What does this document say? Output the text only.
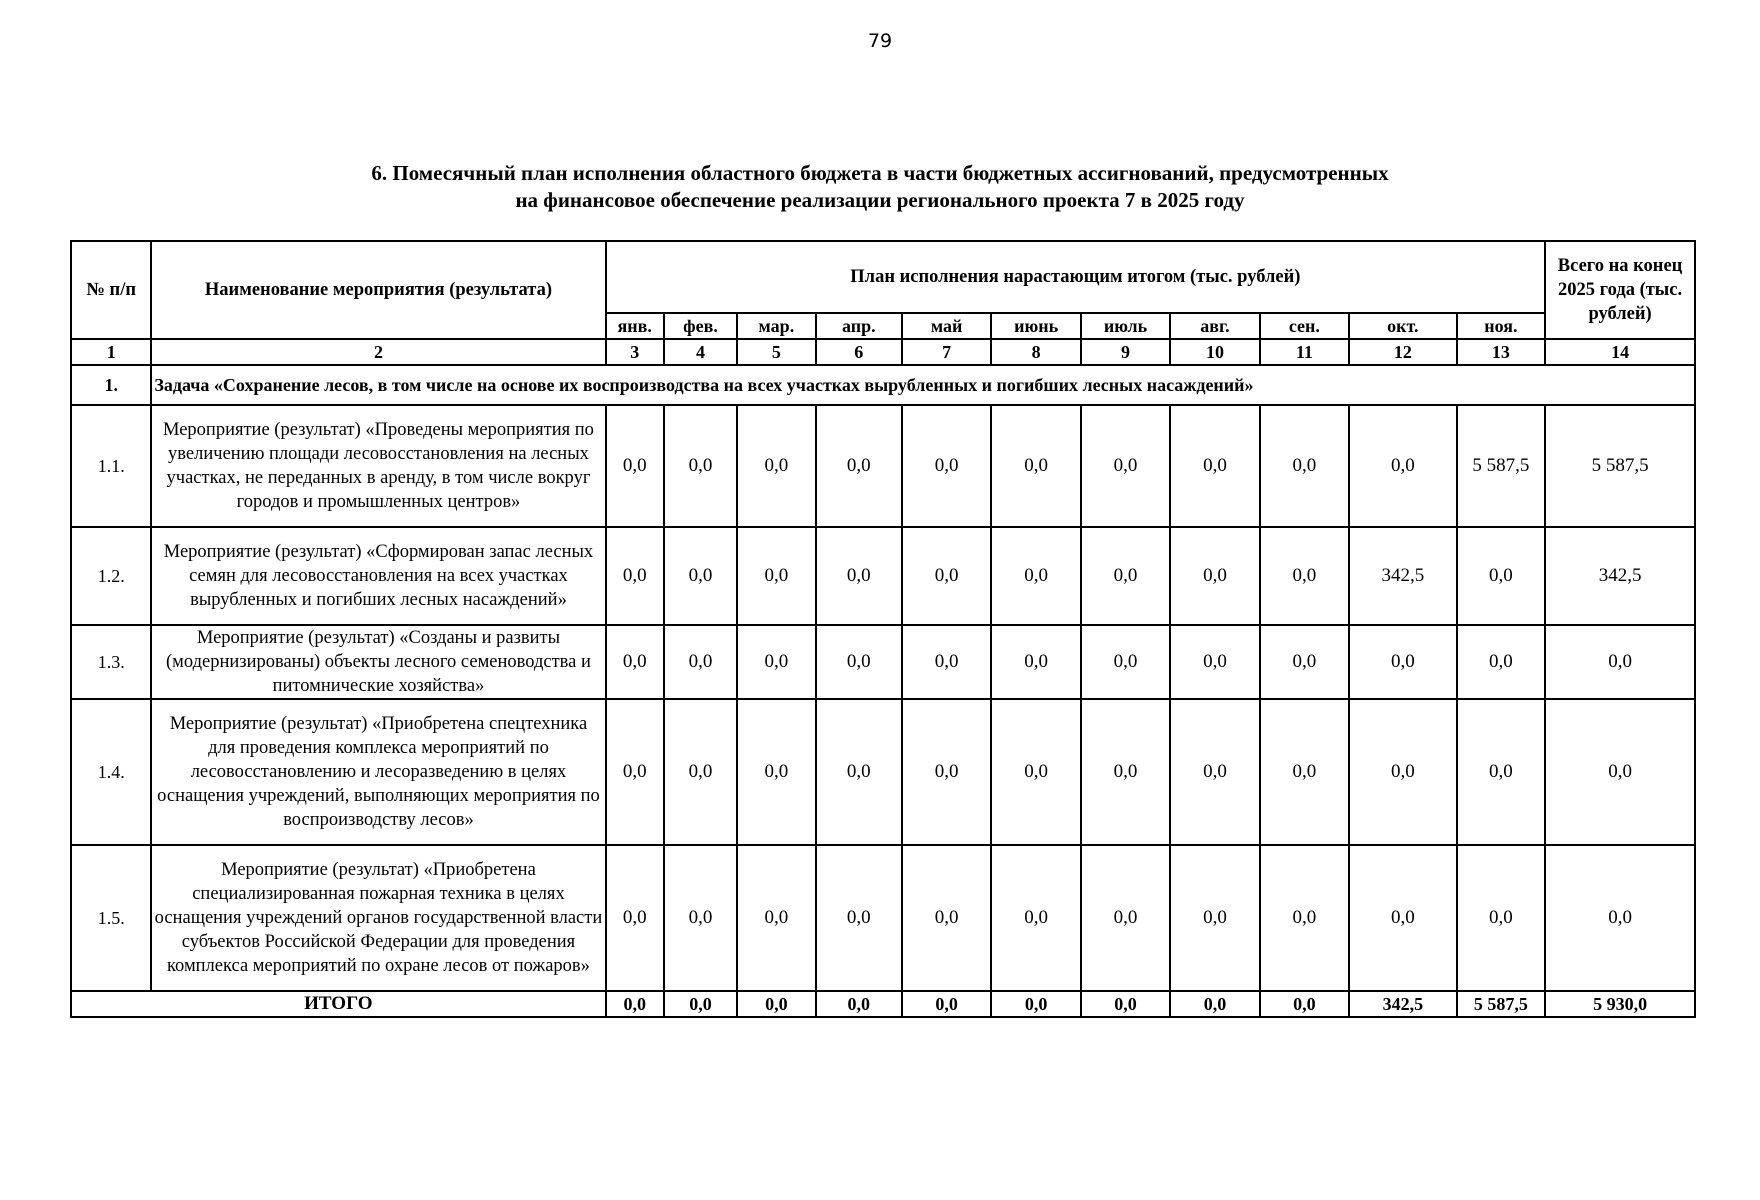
79
6. Помесячный план исполнения областного бюджета в части бюджетных ассигнований, предусмотренных
на финансовое обеспечение реализации регионального проекта 7 в 2025 году
№ п/п	Наименование мероприятия (результата)	План исполнения нарастающим итогом (тыс. рублей)											Всего на конец 2025 года (тыс. рублей)
		янв.	фев.	мар.	апр.	май	июнь	июль	авг.	сен.	окт.	ноя.	
1	2	3	4	5	6	7	8	9	10	11	12	13	14
1.	Задача «Сохранение лесов, в том числе на основе их воспроизводства на всех участках вырубленных и погибших лесных насаждений»												
1.1.	Мероприятие (результат) «Проведены мероприятия по увеличению площади лесовосстановления на лесных участках, не переданных в аренду, в том числе вокруг городов и промышленных центров»	0,0	0,0	0,0	0,0	0,0	0,0	0,0	0,0	0,0	0,0	5 587,5	5 587,5
1.2.	Мероприятие (результат) «Сформирован запас лесных семян для лесовосстановления на всех участках вырубленных и погибших лесных насаждений»	0,0	0,0	0,0	0,0	0,0	0,0	0,0	0,0	0,0	342,5	0,0	342,5
1.3.	Мероприятие (результат) «Созданы и развиты (модернизированы) объекты лесного семеноводства и питомнические хозяйства»	0,0	0,0	0,0	0,0	0,0	0,0	0,0	0,0	0,0	0,0	0,0	0,0
1.4.	Мероприятие (результат) «Приобретена спецтехника для проведения комплекса мероприятий по лесовосстановлению и лесоразведению в целях оснащения учреждений, выполняющих мероприятия по воспроизводству лесов»	0,0	0,0	0,0	0,0	0,0	0,0	0,0	0,0	0,0	0,0	0,0	0,0
1.5.	Мероприятие (результат) «Приобретена специализированная пожарная техника в целях оснащения учреждений органов государственной власти субъектов Российской Федерации для проведения комплекса мероприятий по охране лесов от пожаров»	0,0	0,0	0,0	0,0	0,0	0,0	0,0	0,0	0,0	0,0	0,0	0,0
ИТОГО		0,0	0,0	0,0	0,0	0,0	0,0	0,0	0,0	0,0	342,5	5 587,5	5 930,0
